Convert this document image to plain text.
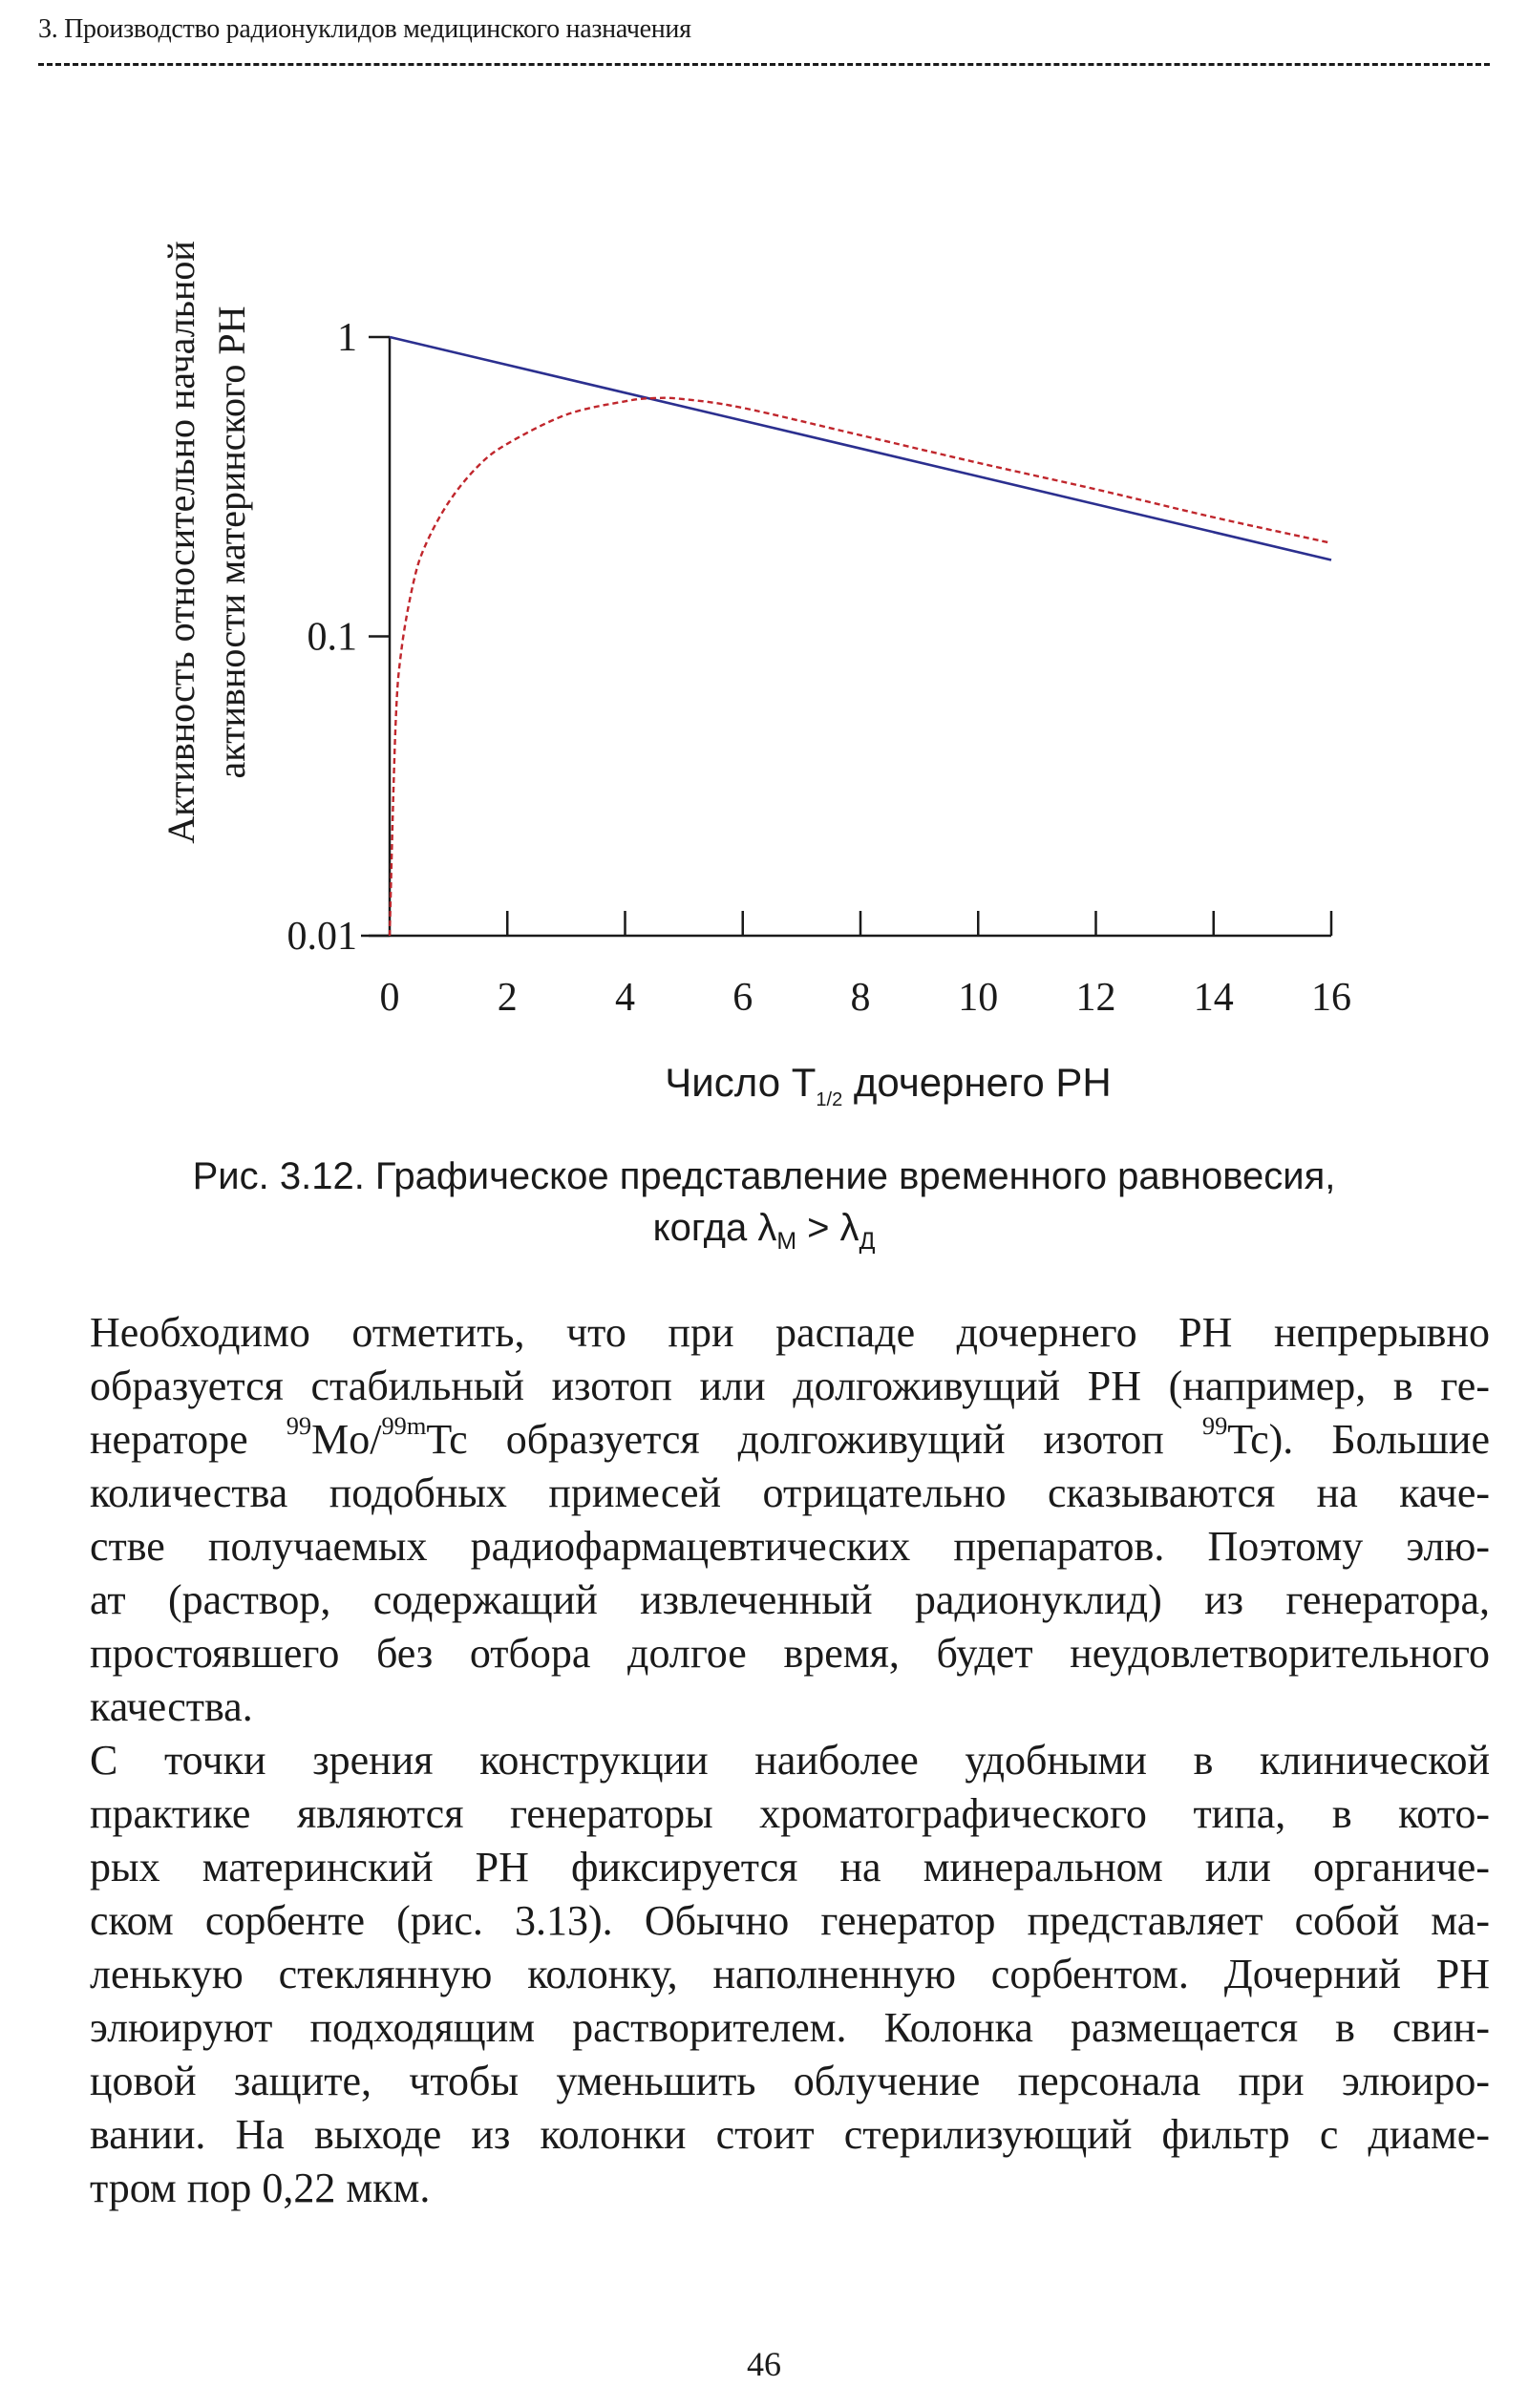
3. Производство радионуклидов медицинского назначения
Активность относительно начальной активности материнского РН
0 2 4 6 8 10 12 14 16
0.01
0.1
1
Число $T_{1/2}$ дочернего РН
Рис. 3.12. Графическое представление временного равновесия,
когда $\lambda_М > \lambda_Д$

Необходимо отметить, что при распаде дочернего РН непрерывно
образуется стабильный изотоп или долгоживущий РН (например, в ге-
нераторе $^{99}$Mo/$^{99m}$Tc образуется долгоживущий изотоп $^{99}$Tc). Большие
количества подобных примесей отрицательно сказываются на каче-
стве получаемых радиофармацевтических препаратов. Поэтому элю-
ат (раствор, содержащий извлеченный радионуклид) из генератора,
простоявшего без отбора долгое время, будет неудовлетворительного
качества.

С точки зрения конструкции наиболее удобными в клинической
практике являются генераторы хроматографического типа, в кото-
рых материнский РН фиксируется на минеральном или органиче-
ском сорбенте (рис. 3.13). Обычно генератор представляет собой ма-
ленькую стеклянную колонку, наполненную сорбентом. Дочерний РН
элюируют подходящим растворителем. Колонка размещается в свин-
цовой защите, чтобы уменьшить облучение персонала при элюиро-
вании. На выходе из колонки стоит стерилизующий фильтр с диаме-
тром пор 0,22 мкм.

46
